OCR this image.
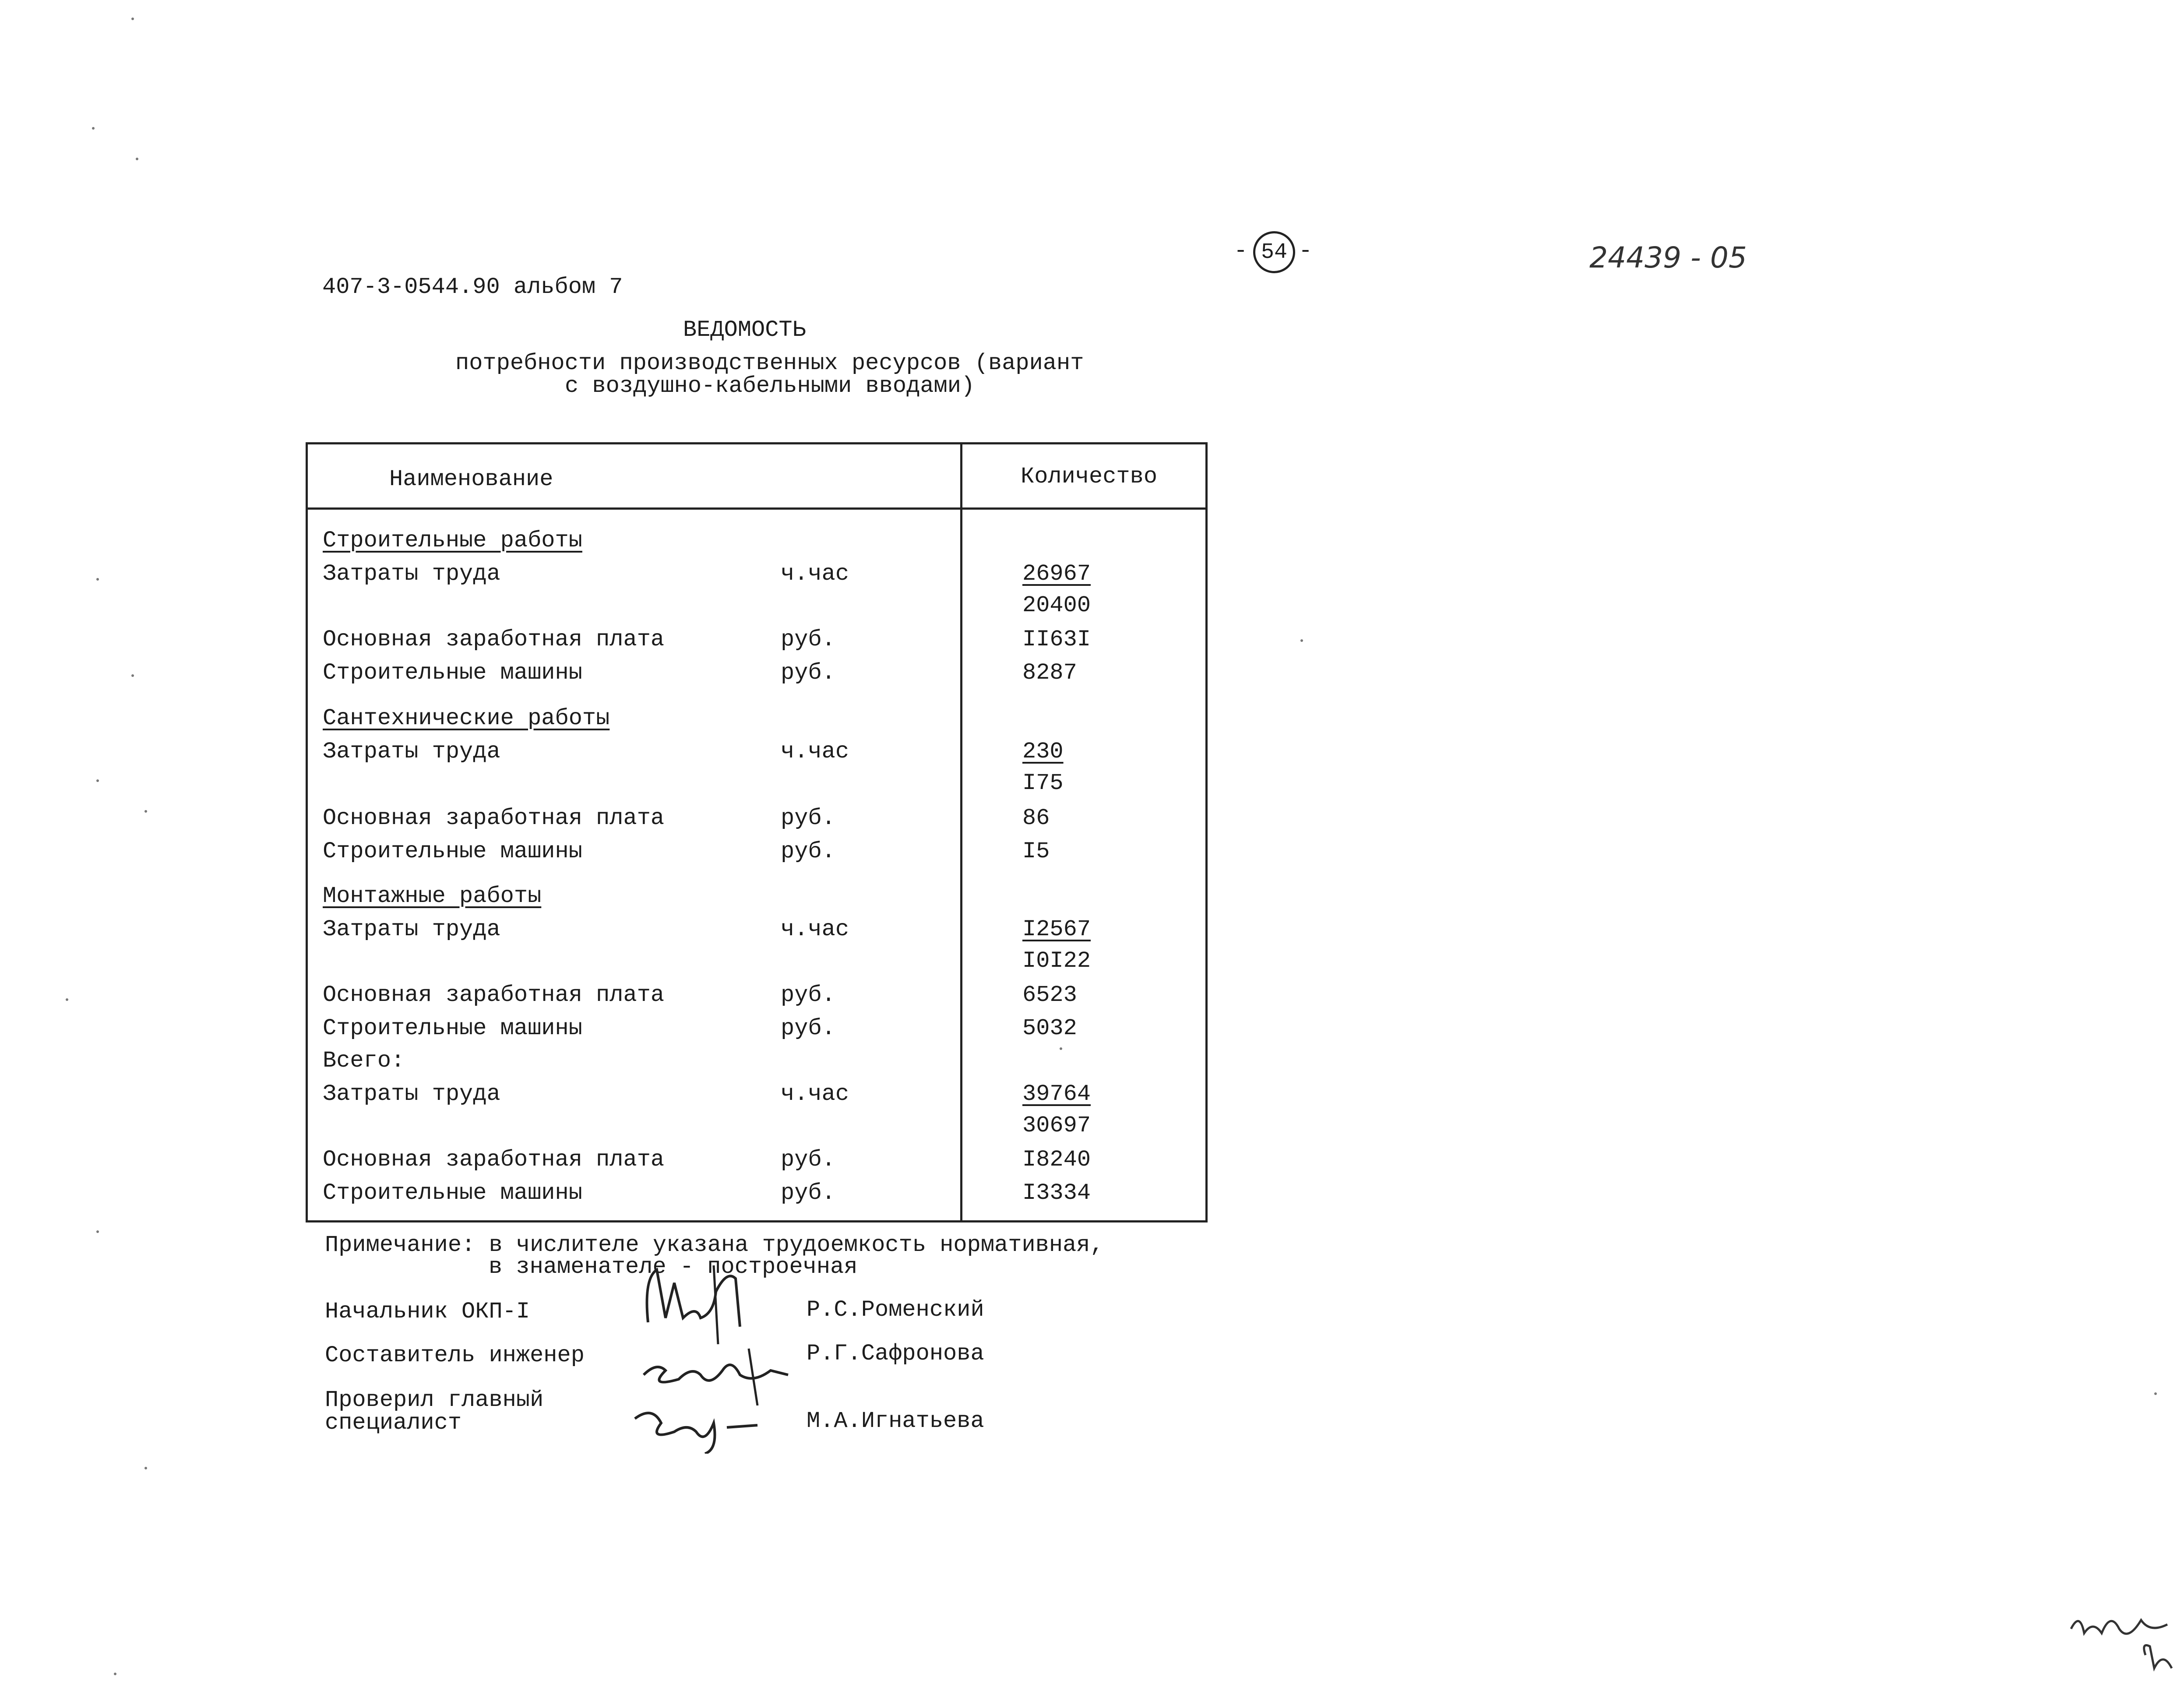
407-3-0544.90 альбом 7
- 54 -	24439 - 05
ВЕДОМОСТЬ
потребности производственных ресурсов (вариант
с воздушно-кабельными вводами)
Наименование	Количество
Строительные работы
Затраты труда	ч.час	26967
20400
Основная заработная плата	руб.	II63I
Строительные машины	руб.	8287
Сантехнические работы
Затраты труда	ч.час	230
I75
Основная заработная плата	руб.	86
Строительные машины	руб.	I5
Монтажные работы
Затраты труда	ч.час	I2567
I0I22
Основная заработная плата	руб.	6523
Строительные машины	руб.	5032
Всего:
Затраты труда	ч.час	39764
30697
Основная заработная плата	руб.	I8240
Строительные машины	руб.	I3334
Примечание: в числителе указана трудоемкость нормативная,
в знаменателе - построечная
Начальник ОКП-I	Р.С.Роменский
Составитель инженер	Р.Г.Сафронова
Проверил главный
специалист	М.А.Игнатьева
